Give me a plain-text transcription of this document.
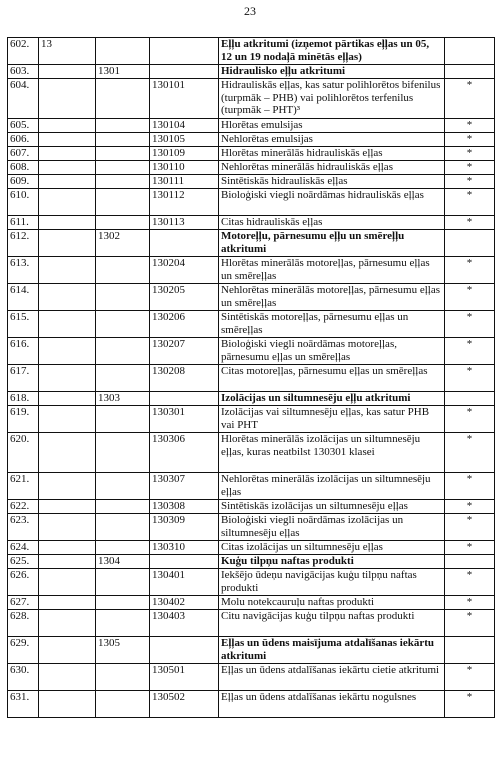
23
602.	13			Eļļu atkritumi (izņemot pārtikas eļļas un 05, 12 un 19 nodaļā minētās eļļas)	
603.		1301		Hidraulisko eļļu atkritumi	
604.			130101	Hidrauliskās eļļas, kas satur polihlorētos bifenilus (turpmāk – PHB) vai polihlorētos terfenilus (turpmāk – PHT)³	*
605.			130104	Hlorētas emulsijas	*
606.			130105	Nehlorētas emulsijas	*
607.			130109	Hlorētas minerālās hidrauliskās eļļas	*
608.			130110	Nehlorētas minerālās hidrauliskās eļļas	*
609.			130111	Sintētiskās hidrauliskās eļļas	*
610.			130112	Bioloģiski viegli noārdāmas hidrauliskās eļļas	*
611.			130113	Citas hidrauliskās eļļas	*
612.		1302		Motoreļļu, pārnesumu eļļu un smēreļļu atkritumi	
613.			130204	Hlorētas minerālās motoreļļas, pārnesumu eļļas un smēreļļas	*
614.			130205	Nehlorētas minerālās motoreļļas, pārnesumu eļļas un smēreļļas	*
615.			130206	Sintētiskās motoreļļas, pārnesumu eļļas un smēreļļas	*
616.			130207	Bioloģiski viegli noārdāmas motoreļļas, pārnesumu eļļas un smēreļļas	*
617.			130208	Citas motoreļļas, pārnesumu eļļas un smēreļļas	*
618.		1303		Izolācijas un siltumnesēju eļļu atkritumi	
619.			130301	Izolācijas vai siltumnesēju eļļas, kas satur PHB vai PHT	*
620.			130306	Hlorētas minerālās izolācijas un siltumnesēju eļļas, kuras neatbilst 130301 klasei	*
621.			130307	Nehlorētas minerālās izolācijas un siltumnesēju eļļas	*
622.			130308	Sintētiskās izolācijas un siltumnesēju eļļas	*
623.			130309	Bioloģiski viegli noārdāmas izolācijas un siltumnesēju eļļas	*
624.			130310	Citas izolācijas un siltumnesēju eļļas	*
625.		1304		Kuģu tilpņu naftas produkti	
626.			130401	Iekšējo ūdeņu navigācijas kuģu tilpņu naftas produkti	*
627.			130402	Molu notekcauruļu naftas produkti	*
628.			130403	Citu navigācijas kuģu tilpņu naftas produkti	*
629.		1305		Eļļas un ūdens maisījuma atdalīšanas iekārtu atkritumi	
630.			130501	Eļļas un ūdens atdalīšanas iekārtu cietie atkritumi	*
631.			130502	Eļļas un ūdens atdalīšanas iekārtu nogulsnes	*
